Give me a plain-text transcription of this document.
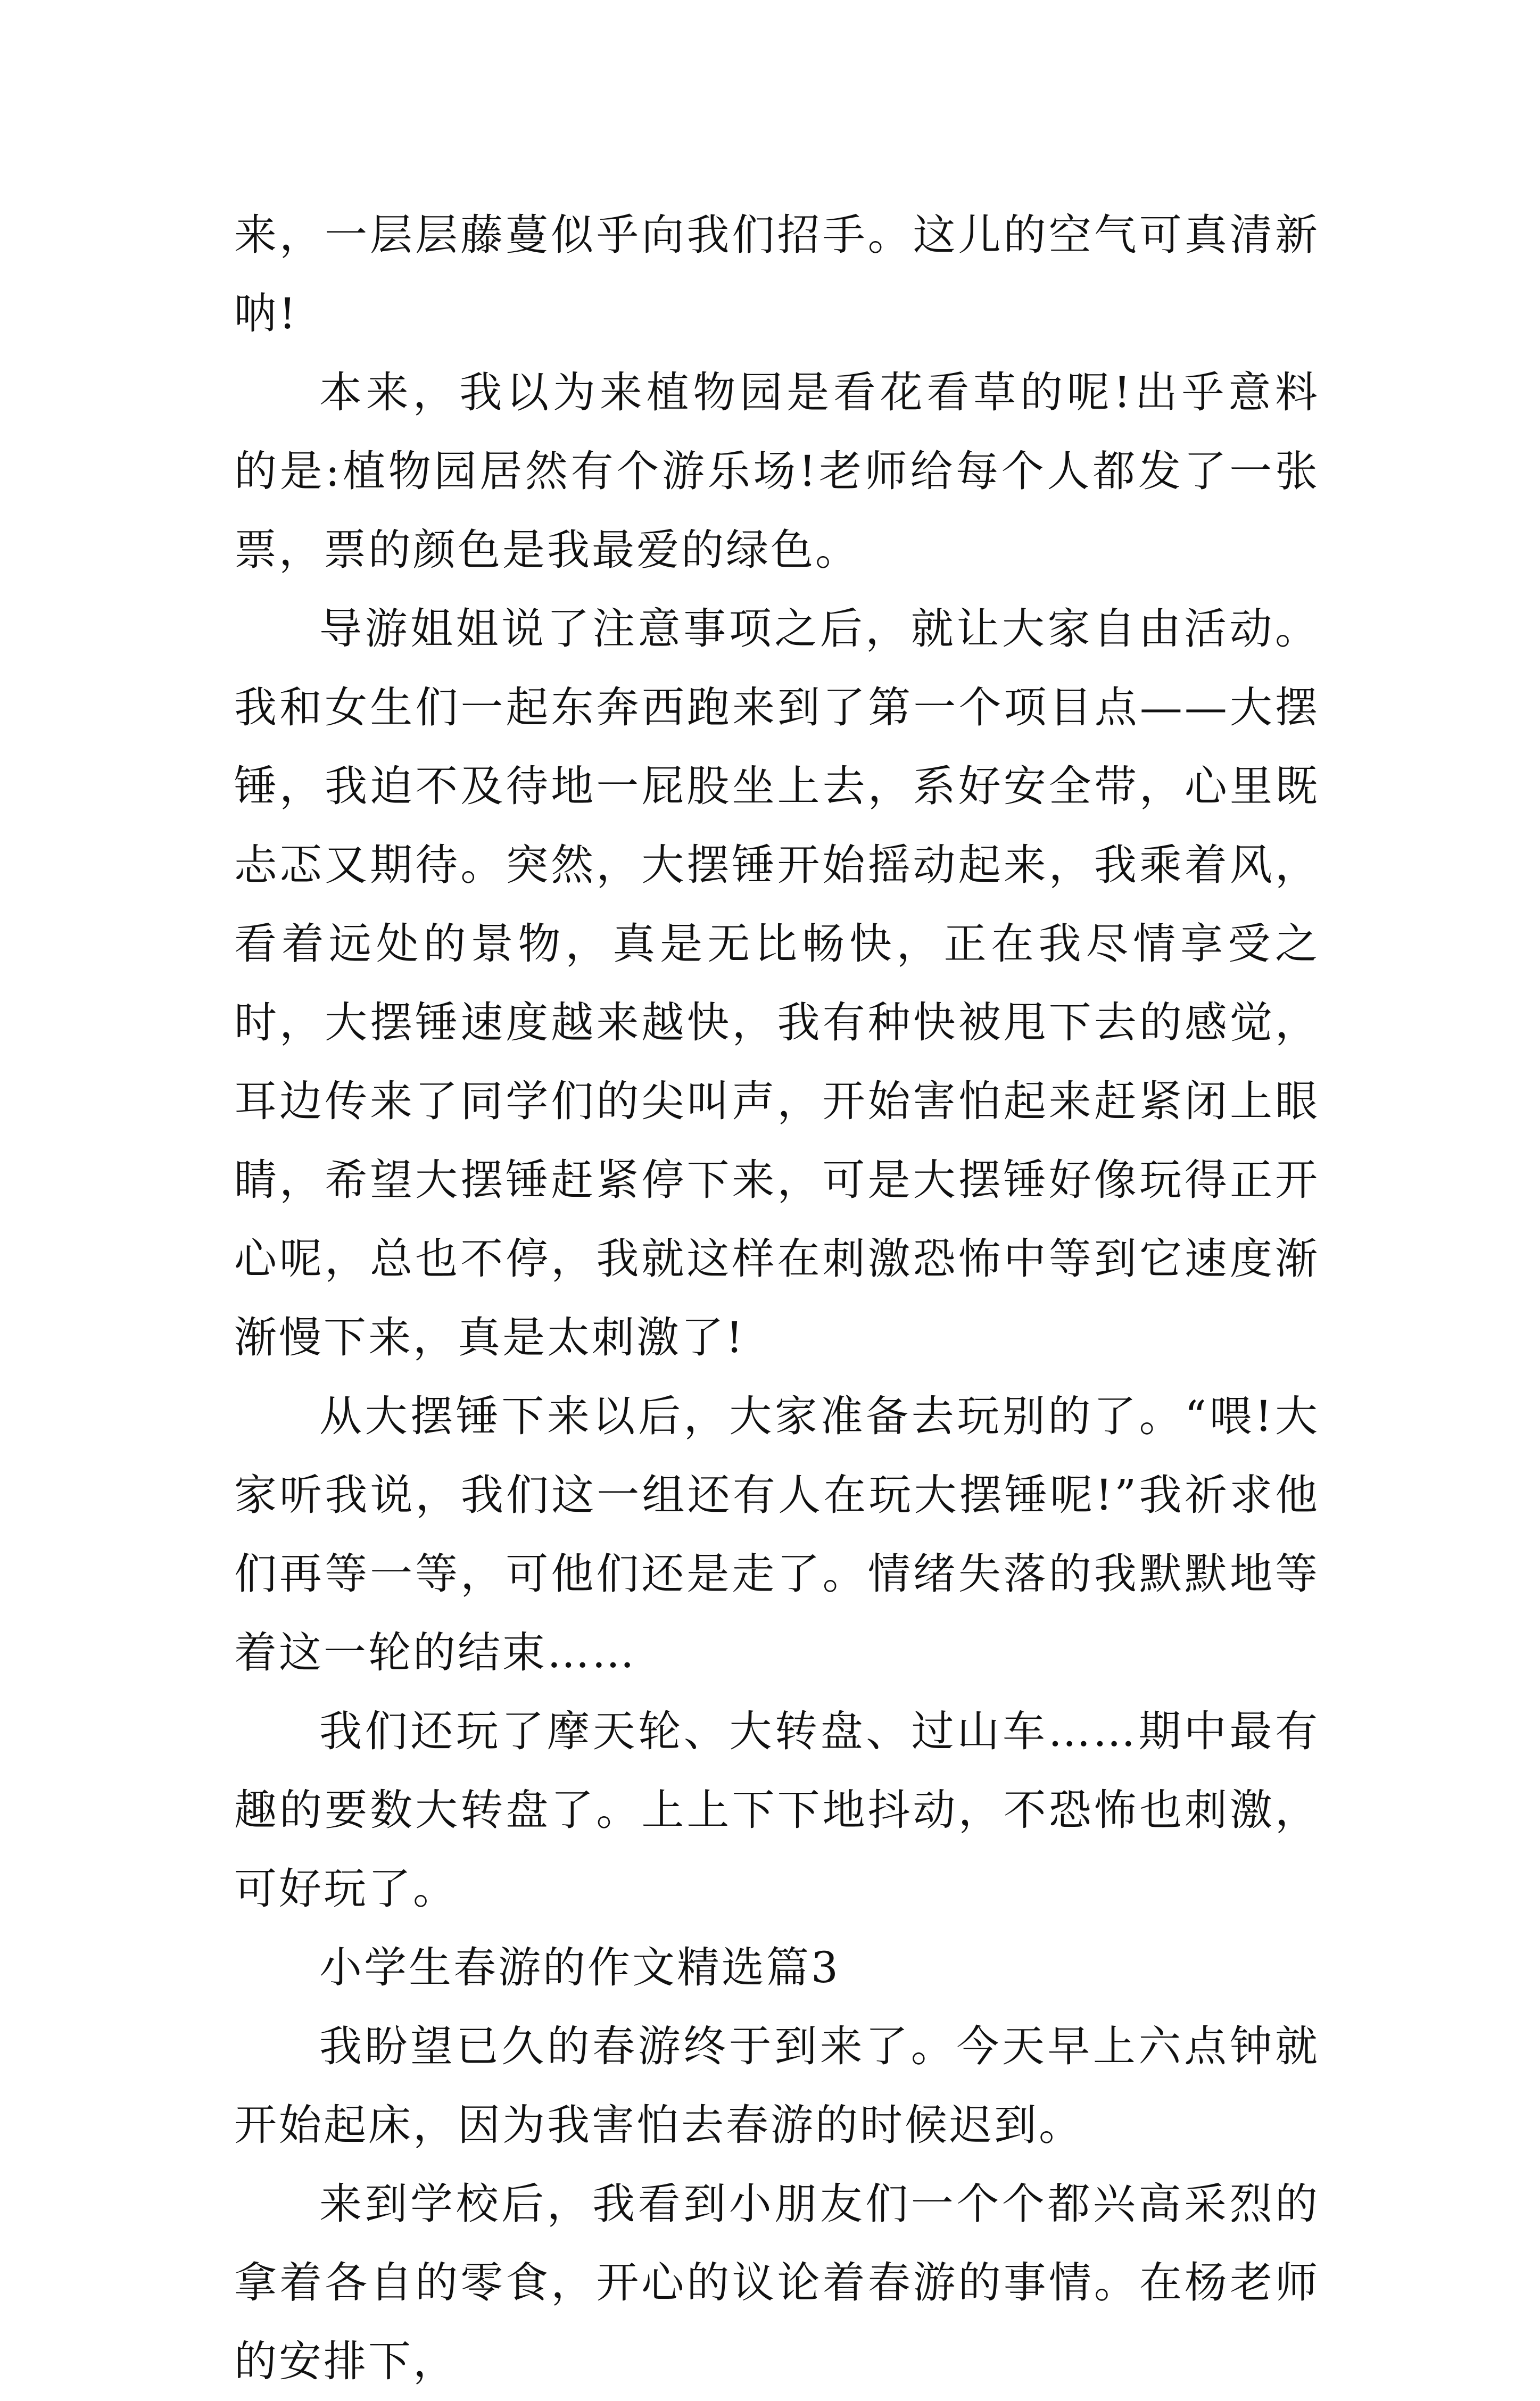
来，一层层藤蔓似乎向我们招手。这儿的空气可真清新呐!

本来，我以为来植物园是看花看草的呢!出乎意料的是:植物园居然有个游乐场!老师给每个人都发了一张票，票的颜色是我最爱的绿色。

导游姐姐说了注意事项之后，就让大家自由活动。我和女生们一起东奔西跑来到了第一个项目点——大摆锤，我迫不及待地一屁股坐上去，系好安全带，心里既忐忑又期待。突然，大摆锤开始摇动起来，我乘着风，看着远处的景物，真是无比畅快，正在我尽情享受之时，大摆锤速度越来越快，我有种快被甩下去的感觉，耳边传来了同学们的尖叫声，开始害怕起来赶紧闭上眼睛，希望大摆锤赶紧停下来，可是大摆锤好像玩得正开心呢，总也不停，我就这样在刺激恐怖中等到它速度渐渐慢下来，真是太刺激了!

从大摆锤下来以后，大家准备去玩别的了。“喂!大家听我说，我们这一组还有人在玩大摆锤呢!”我祈求他们再等一等，可他们还是走了。情绪失落的我默默地等着这一轮的结束……

我们还玩了摩天轮、大转盘、过山车……期中最有趣的要数大转盘了。上上下下地抖动，不恐怖也刺激，可好玩了。

小学生春游的作文精选篇3

我盼望已久的春游终于到来了。今天早上六点钟就开始起床，因为我害怕去春游的时候迟到。

来到学校后，我看到小朋友们一个个都兴高采烈的拿着各自的零食，开心的议论着春游的事情。在杨老师的安排下，
